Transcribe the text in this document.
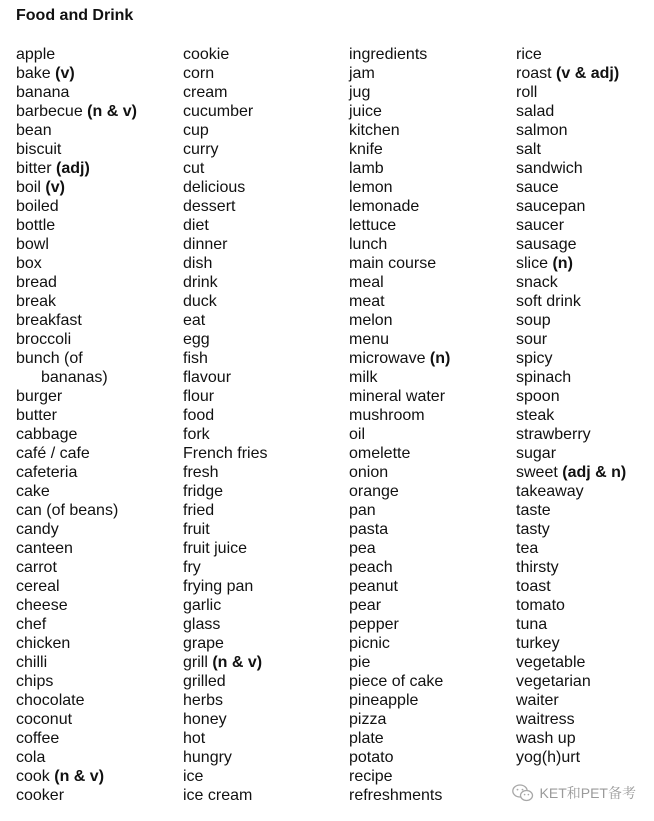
Food and Drink
apple
bake (v)
banana
barbecue (n & v)
bean
biscuit
bitter (adj)
boil (v)
boiled
bottle
bowl
box
bread
break
breakfast
broccoli
bunch (of
bananas)
burger
butter
cabbage
café / cafe
cafeteria
cake
can (of beans)
candy
canteen
carrot
cereal
cheese
chef
chicken
chilli
chips
chocolate
coconut
coffee
cola
cook (n & v)
cooker
cookie
corn
cream
cucumber
cup
curry
cut
delicious
dessert
diet
dinner
dish
drink
duck
eat
egg
fish
flavour
flour
food
fork
French fries
fresh
fridge
fried
fruit
fruit juice
fry
frying pan
garlic
glass
grape
grill (n & v)
grilled
herbs
honey
hot
hungry
ice
ice cream
ingredients
jam
jug
juice
kitchen
knife
lamb
lemon
lemonade
lettuce
lunch
main course
meal
meat
melon
menu
microwave (n)
milk
mineral water
mushroom
oil
omelette
onion
orange
pan
pasta
pea
peach
peanut
pear
pepper
picnic
pie
piece of cake
pineapple
pizza
plate
potato
recipe
refreshments
rice
roast (v & adj)
roll
salad
salmon
salt
sandwich
sauce
saucepan
saucer
sausage
slice (n)
snack
soft drink
soup
sour
spicy
spinach
spoon
steak
strawberry
sugar
sweet (adj & n)
takeaway
taste
tasty
tea
thirsty
toast
tomato
tuna
turkey
vegetable
vegetarian
waiter
waitress
wash up
yog(h)urt
KET和PET备考
